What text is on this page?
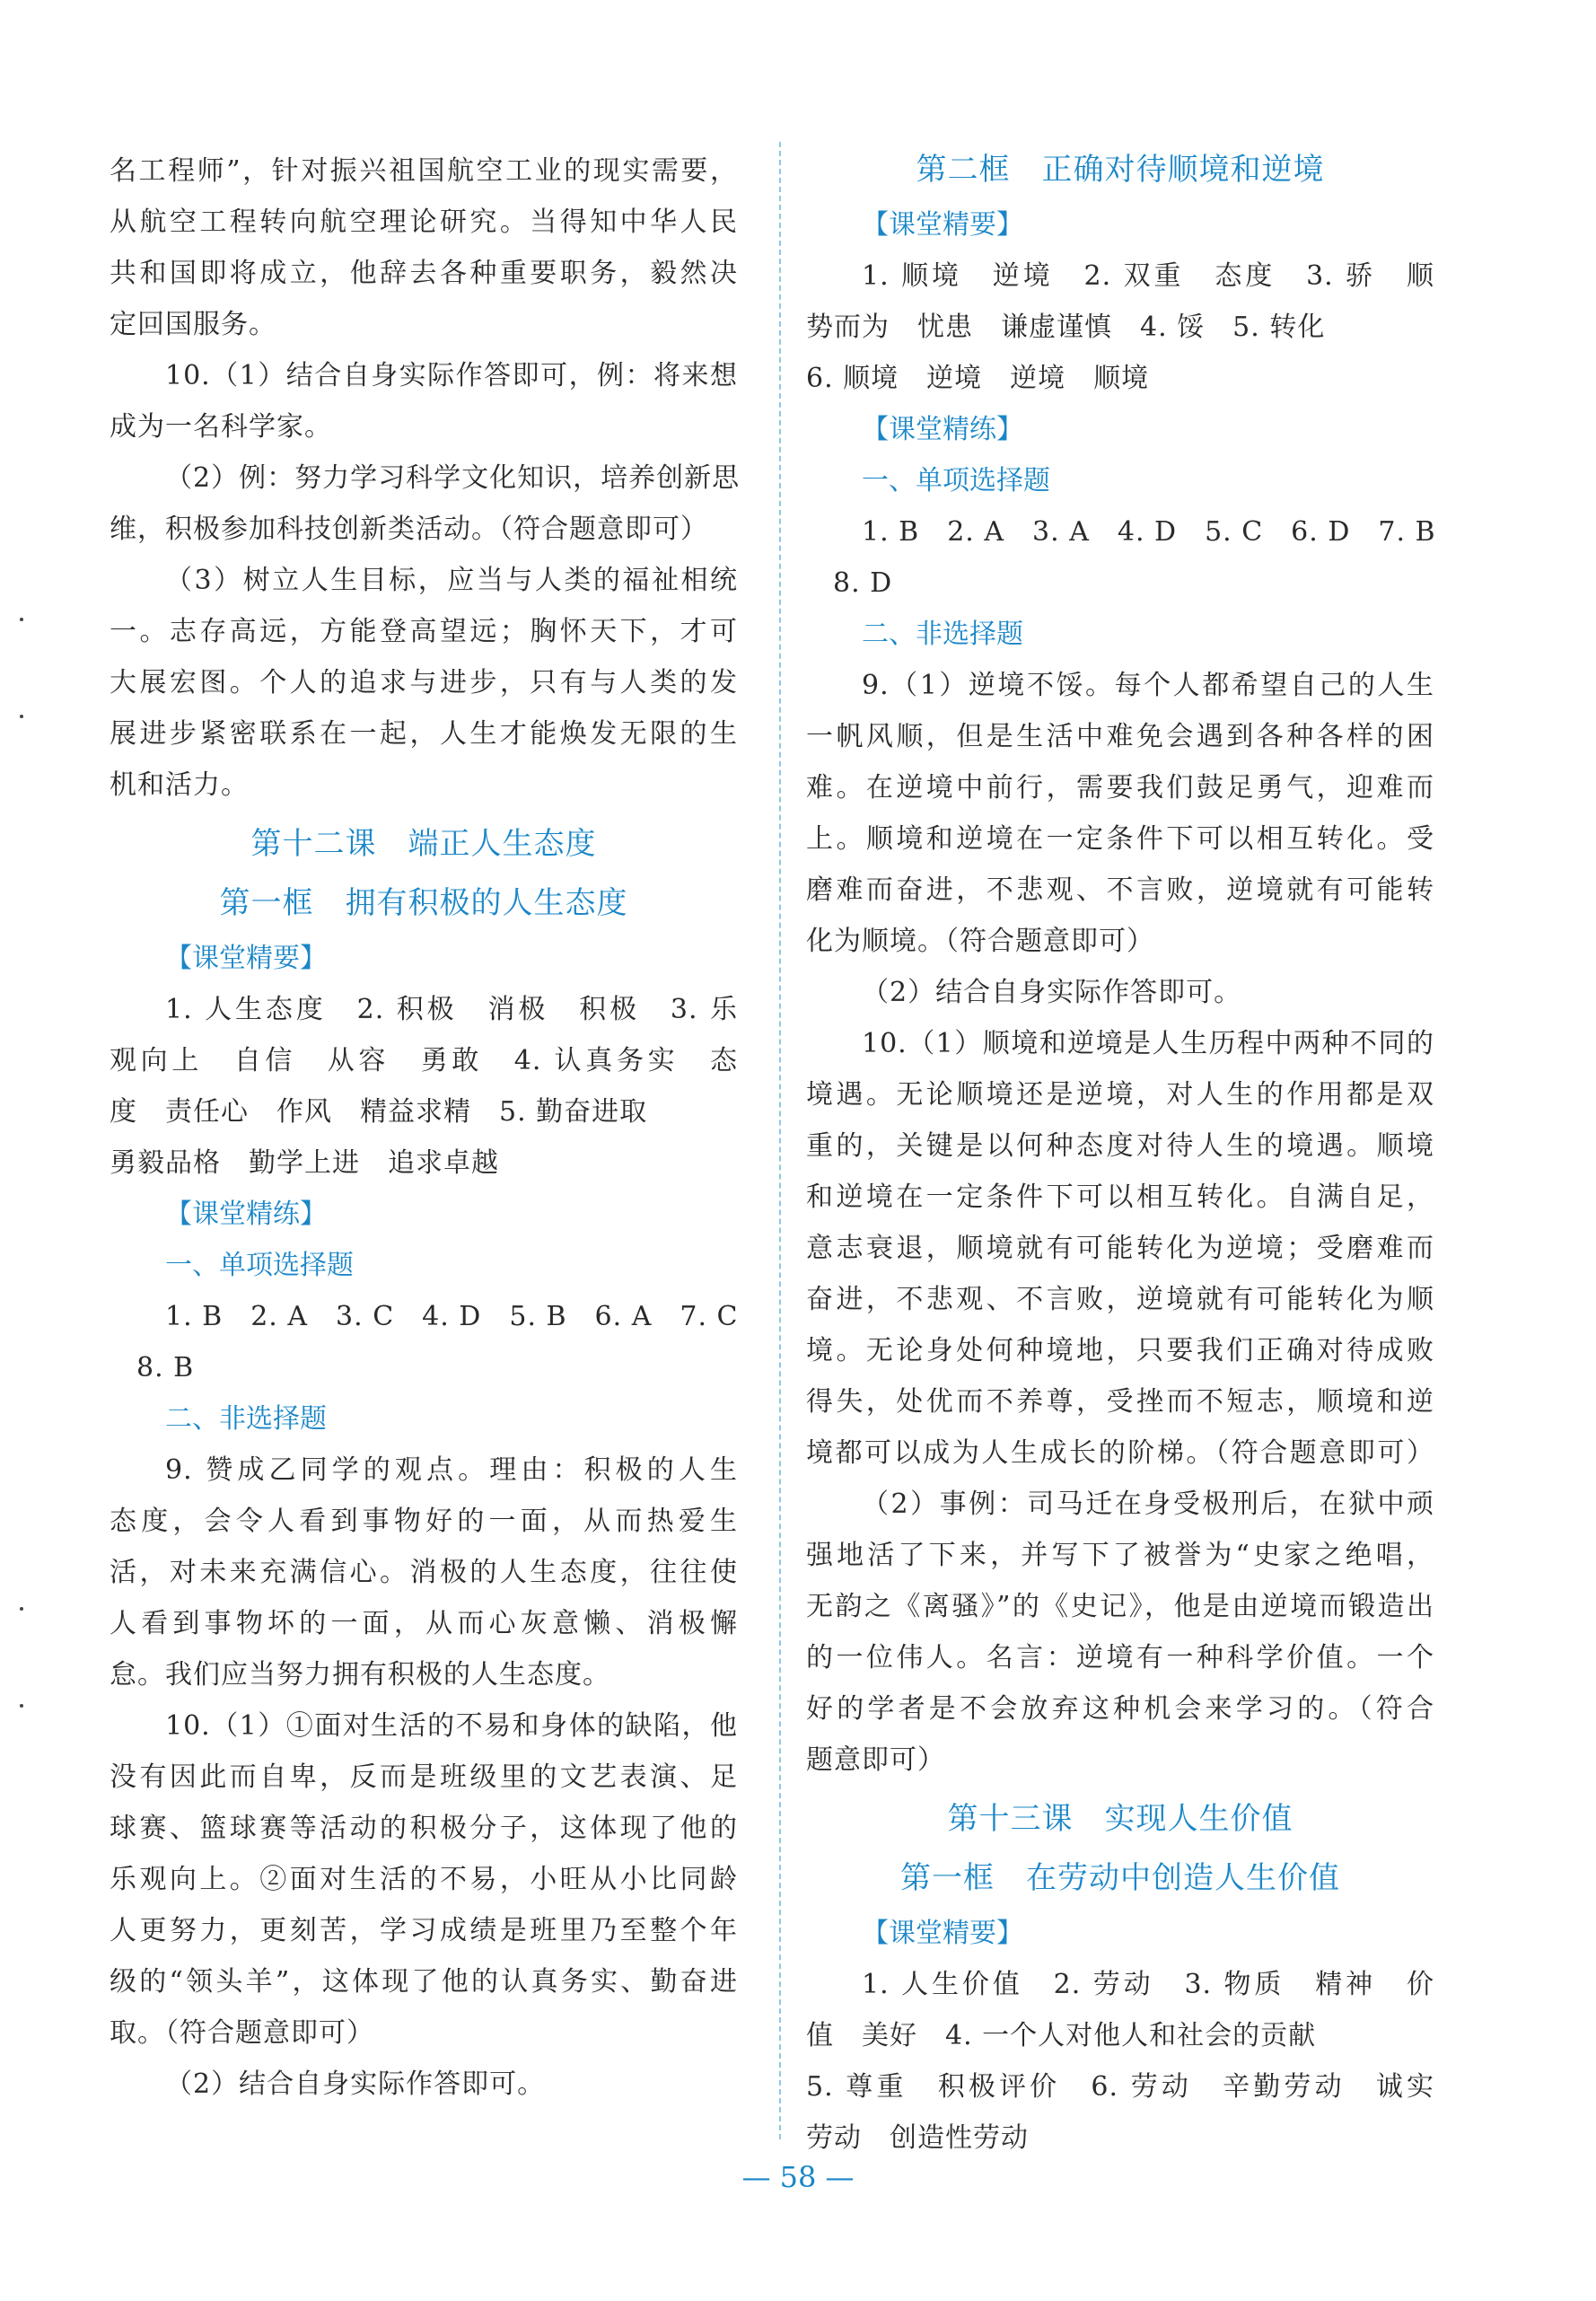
名工程师”，针对振兴祖国航空工业的现实需要，
从航空工程转向航空理论研究。当得知中华人民
共和国即将成立，他辞去各种重要职务，毅然决
定回国服务。
10.（1）结合自身实际作答即可，例：将来想
成为一名科学家。
（2）例：努力学习科学文化知识，培养创新思
维，积极参加科技创新类活动。（符合题意即可）
（3）树立人生目标，应当与人类的福祉相统
一。志存高远，方能登高望远；胸怀天下，才可
大展宏图。个人的追求与进步，只有与人类的发
展进步紧密联系在一起，人生才能焕发无限的生
机和活力。
第十二课　端正人生态度
第一框　拥有积极的人生态度
【课堂精要】
1. 人生态度　2. 积极　消极　积极　3. 乐
观向上　自信　从容　勇敢　4. 认真务实　态
度　责任心　作风　精益求精　5. 勤奋进取
勇毅品格　勤学上进　追求卓越
【课堂精练】
一、单项选择题
1. B　2. A　3. C　4. D　5. B　6. A　7. C
8. B
二、非选择题
9. 赞成乙同学的观点。理由：积极的人生
态度，会令人看到事物好的一面，从而热爱生
活，对未来充满信心。消极的人生态度，往往使
人看到事物坏的一面，从而心灰意懒、消极懈
怠。我们应当努力拥有积极的人生态度。
10.（1）①面对生活的不易和身体的缺陷，他
没有因此而自卑，反而是班级里的文艺表演、足
球赛、篮球赛等活动的积极分子，这体现了他的
乐观向上。②面对生活的不易，小旺从小比同龄
人更努力，更刻苦，学习成绩是班里乃至整个年
级的“领头羊”，这体现了他的认真务实、勤奋进
取。（符合题意即可）
（2）结合自身实际作答即可。
第二框　正确对待顺境和逆境
【课堂精要】
1. 顺境　逆境　2. 双重　态度　3. 骄　顺
势而为　忧患　谦虚谨慎　4. 馁　5. 转化
6. 顺境　逆境　逆境　顺境
【课堂精练】
一、单项选择题
1. B　2. A　3. A　4. D　5. C　6. D　7. B
8. D
二、非选择题
9.（1）逆境不馁。每个人都希望自己的人生
一帆风顺，但是生活中难免会遇到各种各样的困
难。在逆境中前行，需要我们鼓足勇气，迎难而
上。顺境和逆境在一定条件下可以相互转化。受
磨难而奋进，不悲观、不言败，逆境就有可能转
化为顺境。（符合题意即可）
（2）结合自身实际作答即可。
10.（1）顺境和逆境是人生历程中两种不同的
境遇。无论顺境还是逆境，对人生的作用都是双
重的，关键是以何种态度对待人生的境遇。顺境
和逆境在一定条件下可以相互转化。自满自足，
意志衰退，顺境就有可能转化为逆境；受磨难而
奋进，不悲观、不言败，逆境就有可能转化为顺
境。无论身处何种境地，只要我们正确对待成败
得失，处优而不养尊，受挫而不短志，顺境和逆
境都可以成为人生成长的阶梯。（符合题意即可）
（2）事例：司马迁在身受极刑后，在狱中顽
强地活了下来，并写下了被誉为“史家之绝唱，
无韵之《离骚》”的《史记》，他是由逆境而锻造出
的一位伟人。名言：逆境有一种科学价值。一个
好的学者是不会放弃这种机会来学习的。（符合
题意即可）
第十三课　实现人生价值
第一框　在劳动中创造人生价值
【课堂精要】
1. 人生价值　2. 劳动　3. 物质　精神　价
值　美好　4. 一个人对他人和社会的贡献
5. 尊重　积极评价　6. 劳动　辛勤劳动　诚实
劳动　创造性劳动
— 58 —
